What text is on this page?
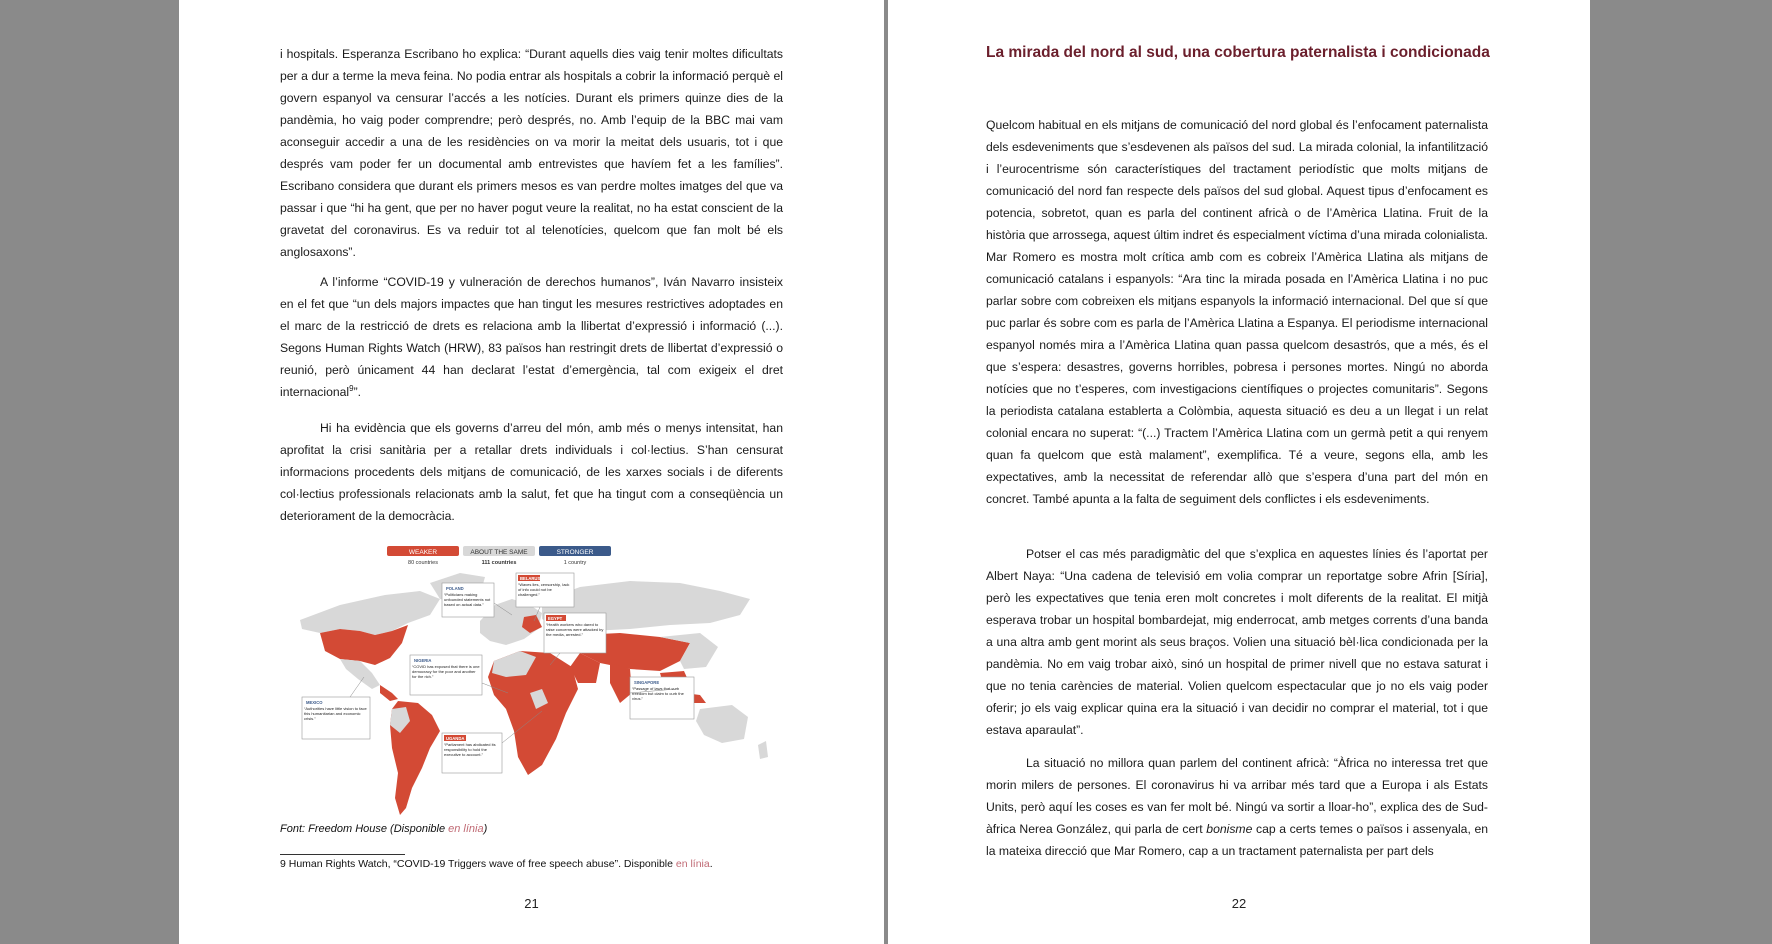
i hospitals. Esperanza Escribano ho explica: “Durant aquells dies vaig tenir moltes dificultats per a dur a terme la meva feina. No podia entrar als hospitals a cobrir la informació perquè el govern espanyol va censurar l’accés a les notícies. Durant els primers quinze dies de la pandèmia, ho vaig poder comprendre; però després, no. Amb l’equip de la BBC mai vam aconseguir accedir a una de les residències on va morir la meitat dels usuaris, tot i que després vam poder fer un documental amb entrevistes que havíem fet a les famílies”. Escribano considera que durant els primers mesos es van perdre moltes imatges del que va passar i que “hi ha gent, que per no haver pogut veure la realitat, no ha estat conscient de la gravetat del coronavirus. Es va reduir tot al telenotícies, quelcom que fan molt bé els anglosaxons”.

A l’informe “COVID-19 y vulneración de derechos humanos”, Iván Navarro insisteix en el fet que “un dels majors impactes que han tingut les mesures restrictives adoptades en el marc de la restricció de drets es relaciona amb la llibertat d’expressió i informació (...). Segons Human Rights Watch (HRW), 83 països han restringit drets de llibertat d’expressió o reunió, però únicament 44 han declarat l’estat d’emergència, tal com exigeix el dret internacional$^9$”.

Hi ha evidència que els governs d’arreu del món, amb més o menys intensitat, han aprofitat la crisi sanitària per a retallar drets individuals i col·lectius. S’han censurat informacions procedents dels mitjans de comunicació, de les xarxes socials i de diferents col·lectius professionals relacionats amb la salut, fet que ha tingut com a conseqüència un deteriorament de la democràcia.

WEAKER
80 countries
ABOUT THE SAME
111 countries
STRONGER
1 country
POLAND
“Politicians making unfounded statements not based on actual data.”
BELARUS
“Waves lies, censorship, lack of info could not be challenged.”
EGYPT
“Health workers who dared to raise concerns were attacked by the media, arrested.”
NIGERIA
“COVID has exposed that there is one democracy for the poor and another for the rich.”
SINGAPORE
“Passage of laws that curb freedom but claim to curb the virus.”
MEXICO
“Authorities have little vision to face this humanitarian and economic crisis.”
UGANDA
“Parliament has abdicated its responsibility to hold the executive to account.”

Font: Freedom House (Disponible en línia)

9 Human Rights Watch, “COVID-19 Triggers wave of free speech abuse”. Disponible en línia.

21
La mirada del nord al sud, una cobertura paternalista i condicionada

Quelcom habitual en els mitjans de comunicació del nord global és l’enfocament paternalista dels esdeveniments que s’esdevenen als països del sud. La mirada colonial, la infantilització i l’eurocentrisme són característiques del tractament periodístic que molts mitjans de comunicació del nord fan respecte dels països del sud global. Aquest tipus d’enfocament es potencia, sobretot, quan es parla del continent africà o de l’Amèrica Llatina. Fruit de la història que arrossega, aquest últim indret és especialment víctima d’una mirada colonialista. Mar Romero es mostra molt crítica amb com es cobreix l’Amèrica Llatina als mitjans de comunicació catalans i espanyols: “Ara tinc la mirada posada en l’Amèrica Llatina i no puc parlar sobre com cobreixen els mitjans espanyols la informació internacional. Del que sí que puc parlar és sobre com es parla de l’Amèrica Llatina a Espanya. El periodisme internacional espanyol només mira a l’Amèrica Llatina quan passa quelcom desastrós, que a més, és el que s’espera: desastres, governs horribles, pobresa i persones mortes. Ningú no aborda notícies que no t’esperes, com investigacions científiques o projectes comunitaris”. Segons la periodista catalana establerta a Colòmbia, aquesta situació es deu a un llegat i un relat colonial encara no superat: “(...) Tractem l’Amèrica Llatina com un germà petit a qui renyem quan fa quelcom que està malament”, exemplifica. Té a veure, segons ella, amb les expectatives, amb la necessitat de referendar allò que s’espera d’una part del món en concret. També apunta a la falta de seguiment dels conflictes i els esdeveniments.

Potser el cas més paradigmàtic del que s’explica en aquestes línies és l’aportat per Albert Naya: “Una cadena de televisió em volia comprar un reportatge sobre Afrin [Síria], però les expectatives que tenia eren molt concretes i molt diferents de la realitat. El mitjà esperava trobar un hospital bombardejat, mig enderrocat, amb metges corrents d’una banda a una altra amb gent morint als seus braços. Volien una situació bèl·lica condicionada per la pandèmia. No em vaig trobar això, sinó un hospital de primer nivell que no estava saturat i que no tenia carències de material. Volien quelcom espectacular que jo no els vaig poder oferir; jo els vaig explicar quina era la situació i van decidir no comprar el material, tot i que estava aparaulat”.

La situació no millora quan parlem del continent africà: “Àfrica no interessa tret que morin milers de persones. El coronavirus hi va arribar més tard que a Europa i als Estats Units, però aquí les coses es van fer molt bé. Ningú va sortir a lloar-ho”, explica des de Sud-àfrica Nerea González, qui parla de cert bonisme cap a certs temes o països i assenyala, en la mateixa direcció que Mar Romero, cap a un tractament paternalista per part dels

22
